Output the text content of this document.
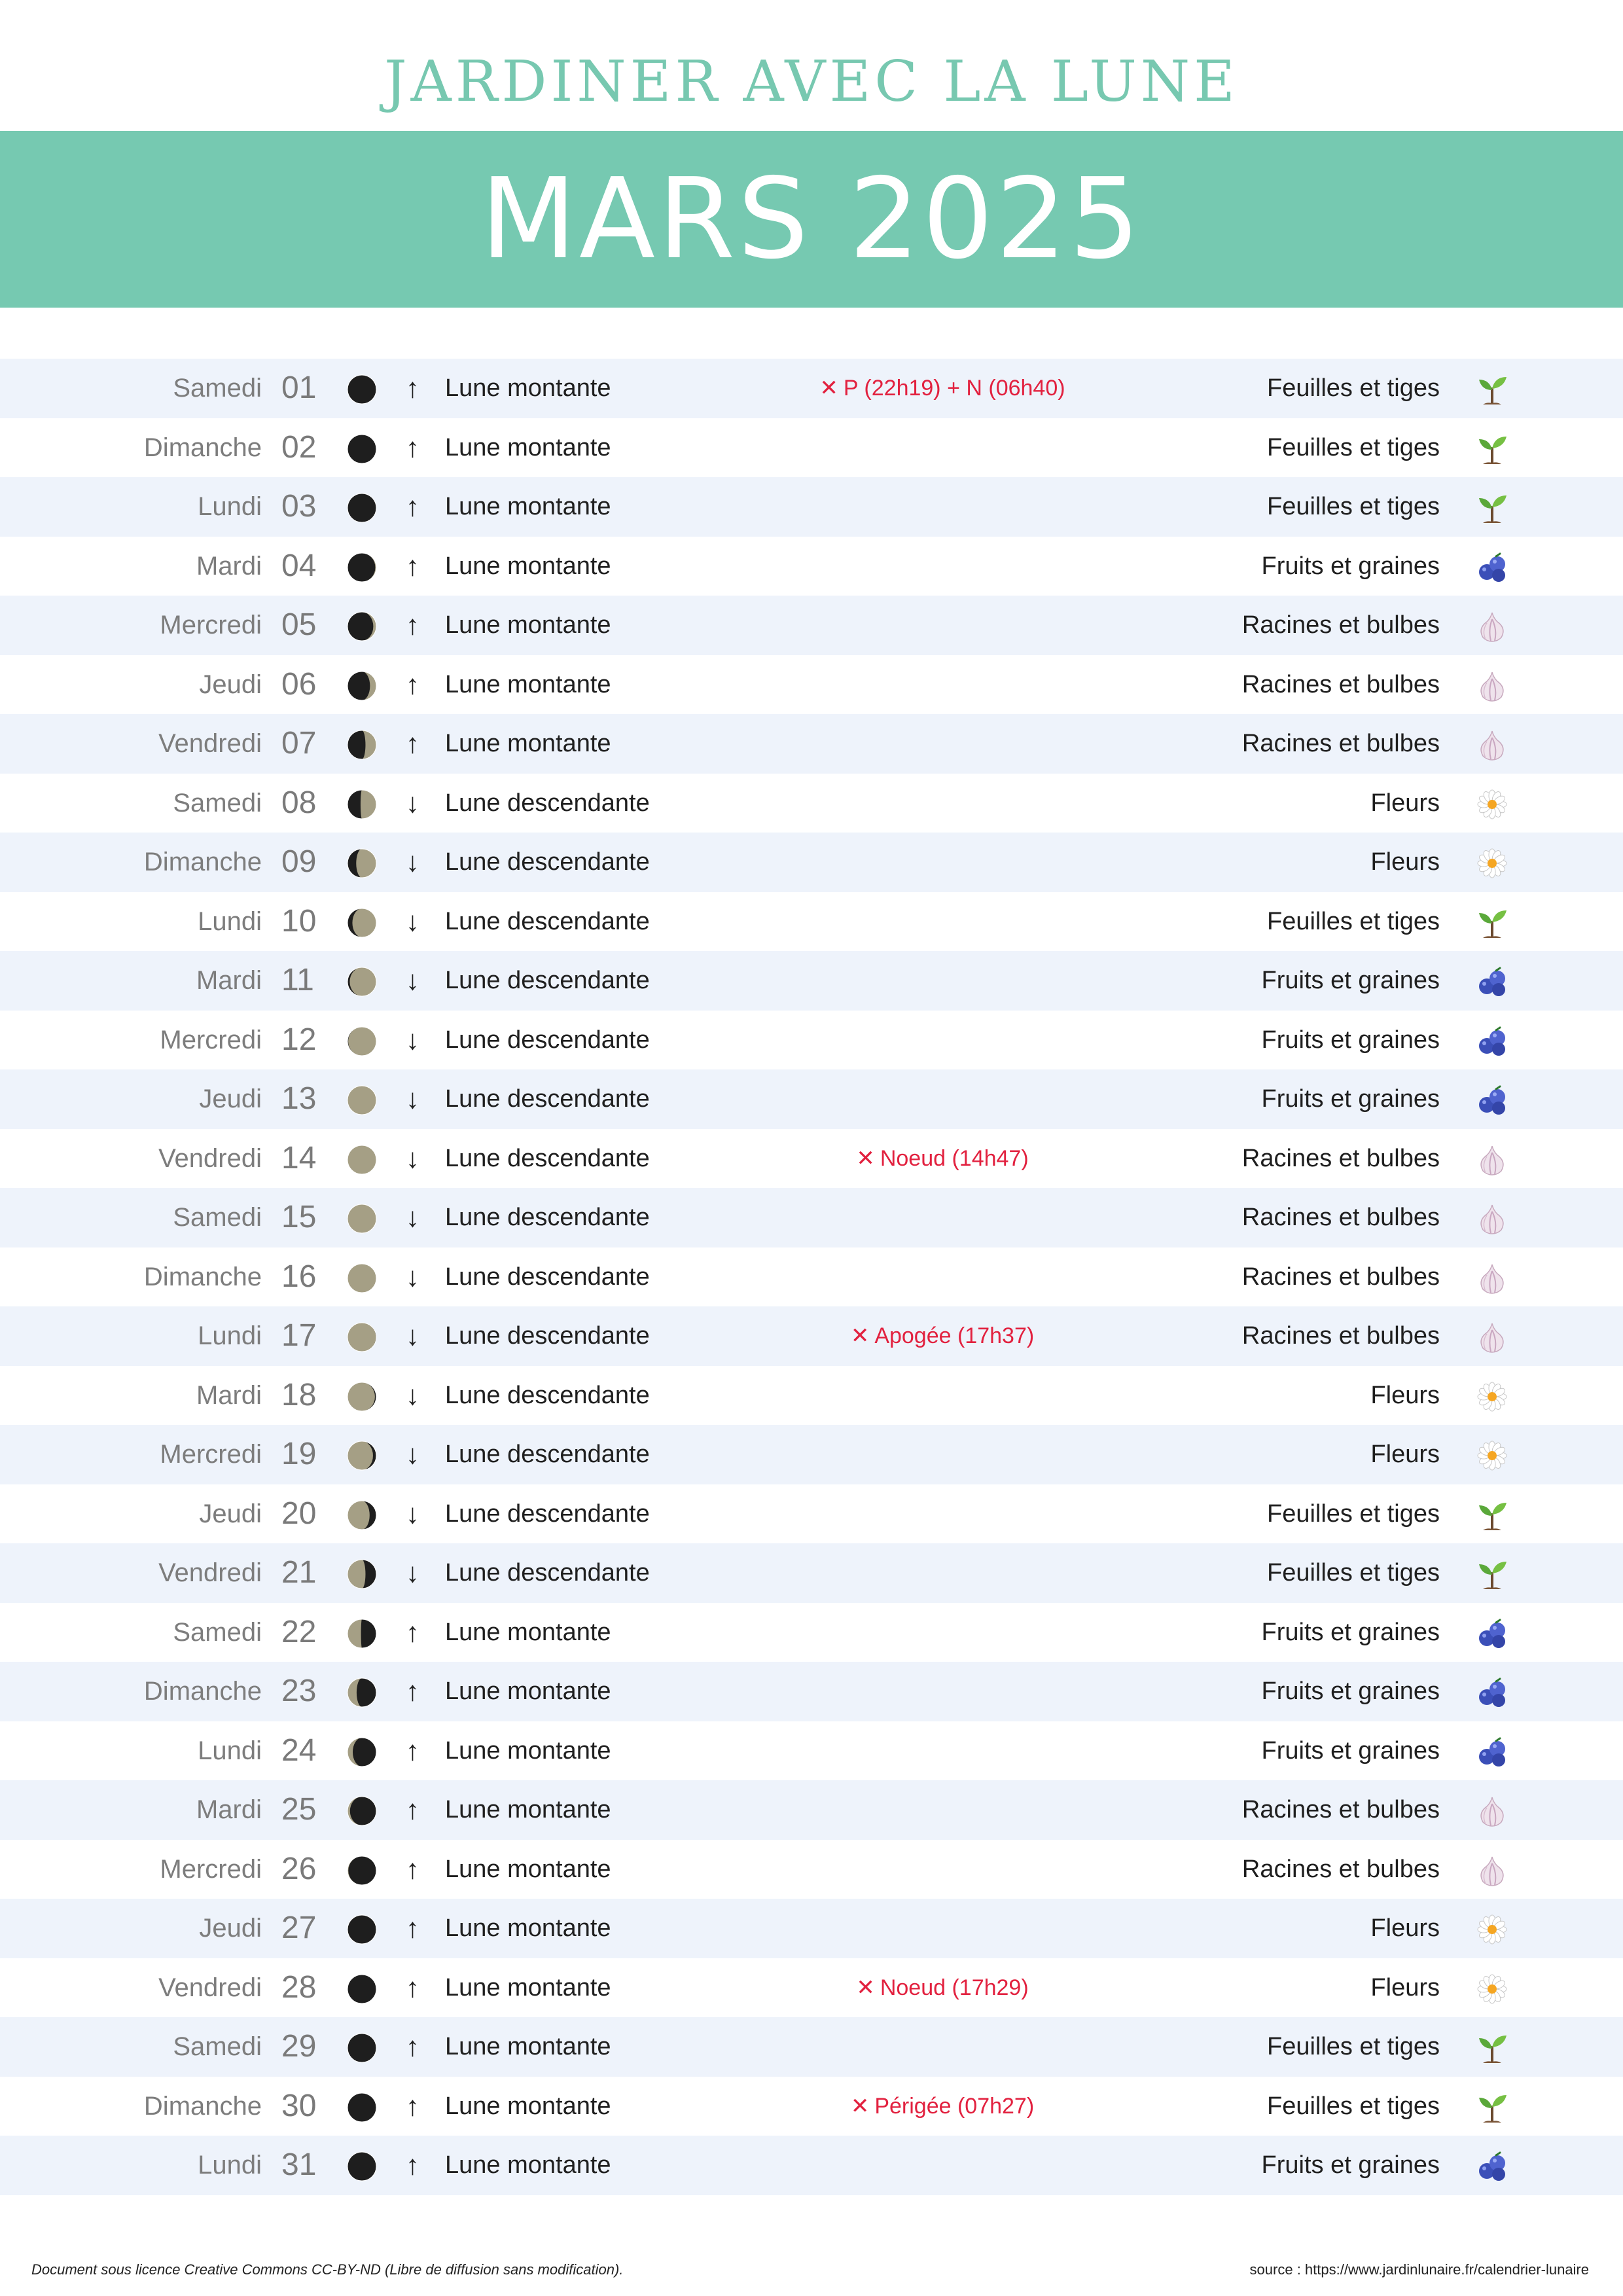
JARDINER AVEC LA LUNE
MARS 2025
Samedi 01	↑ Lune montante	✕ P (22h19) + N (06h40)	Feuilles et tiges
Dimanche 02	↑ Lune montante	Feuilles et tiges
Lundi 03	↑ Lune montante	Feuilles et tiges
Mardi 04	↑ Lune montante	Fruits et graines
Mercredi 05	↑ Lune montante	Racines et bulbes
Jeudi 06	↑ Lune montante	Racines et bulbes
Vendredi 07	↑ Lune montante	Racines et bulbes
Samedi 08	↓ Lune descendante	Fleurs
Dimanche 09	↓ Lune descendante	Fleurs
Lundi 10	↓ Lune descendante	Feuilles et tiges
Mardi 11	↓ Lune descendante	Fruits et graines
Mercredi 12	↓ Lune descendante	Fruits et graines
Jeudi 13	↓ Lune descendante	Fruits et graines
Vendredi 14	↓ Lune descendante	✕ Noeud (14h47)	Racines et bulbes
Samedi 15	↓ Lune descendante	Racines et bulbes
Dimanche 16	↓ Lune descendante	Racines et bulbes
Lundi 17	↓ Lune descendante	✕ Apogée (17h37)	Racines et bulbes
Mardi 18	↓ Lune descendante	Fleurs
Mercredi 19	↓ Lune descendante	Fleurs
Jeudi 20	↓ Lune descendante	Feuilles et tiges
Vendredi 21	↓ Lune descendante	Feuilles et tiges
Samedi 22	↑ Lune montante	Fruits et graines
Dimanche 23	↑ Lune montante	Fruits et graines
Lundi 24	↑ Lune montante	Fruits et graines
Mardi 25	↑ Lune montante	Racines et bulbes
Mercredi 26	↑ Lune montante	Racines et bulbes
Jeudi 27	↑ Lune montante	Fleurs
Vendredi 28	↑ Lune montante	✕ Noeud (17h29)	Fleurs
Samedi 29	↑ Lune montante	Feuilles et tiges
Dimanche 30	↑ Lune montante	✕ Périgée (07h27)	Feuilles et tiges
Lundi 31	↑ Lune montante	Fruits et graines
Document sous licence Creative Commons CC-BY-ND (Libre de diffusion sans modification).	source : https://www.jardinlunaire.fr/calendrier-lunaire
